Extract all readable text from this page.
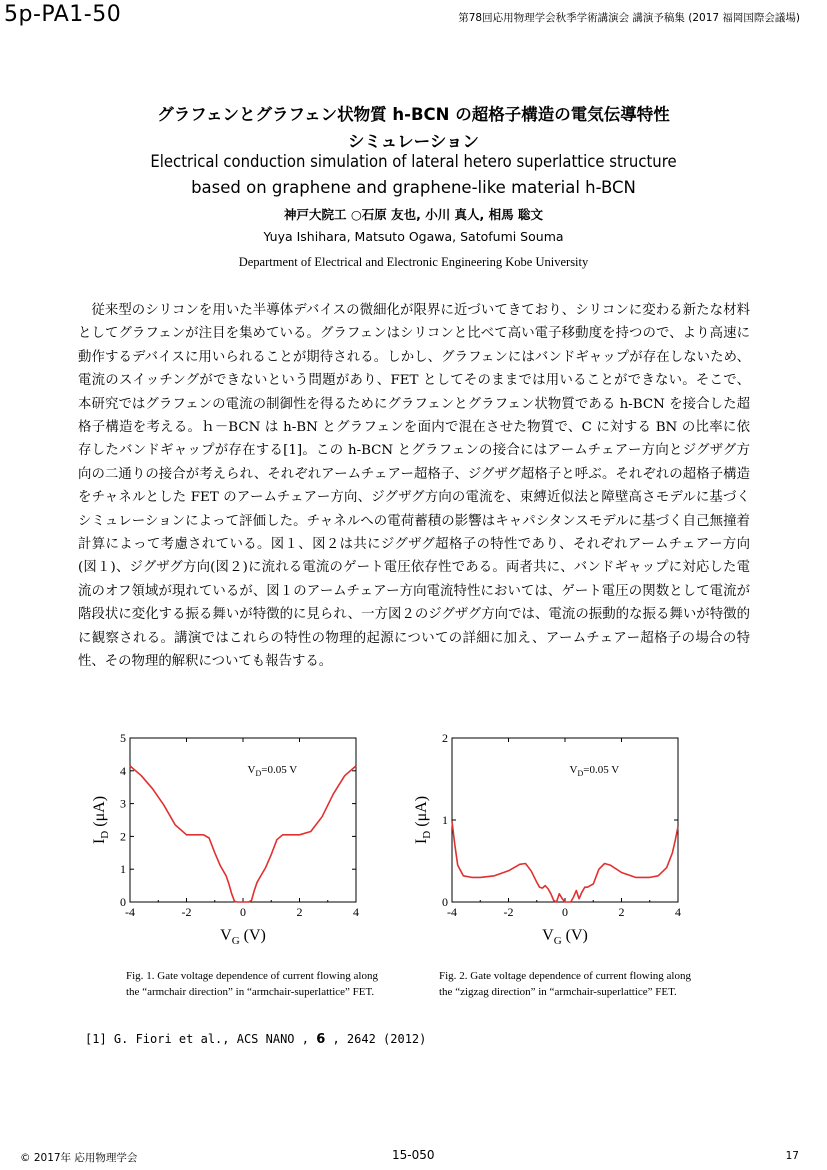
5p-PA1-50	第78回応用物理学会秋季学術講演会 講演予稿集 (2017 福岡国際会議場)
グラフェンとグラフェン状物質 h-BCN の超格子構造の電気伝導特性
シミュレーション
Electrical conduction simulation of lateral hetero superlattice structure
based on graphene and graphene-like material h-BCN
神戸大院工 ○石原 友也, 小川 真人, 相馬 聡文
Yuya Ishihara, Matsuto Ogawa, Satofumi Souma
Department of Electrical and Electronic Engineering Kobe University

従来型のシリコンを用いた半導体デバイスの微細化が限界に近づいてきており、シリコンに変わる新たな材料としてグラフェンが注目を集めている。グラフェンはシリコンと比べて高い電子移動度を持つので、より高速に動作するデバイスに用いられることが期待される。しかし、グラフェンにはバンドギャップが存在しないため、電流のスイッチングができないという問題があり、FET としてそのままでは用いることができない。そこで、本研究ではグラフェンの電流の制御性を得るためにグラフェンとグラフェン状物質である h-BCN を接合した超格子構造を考える。ｈ－BCN は h-BN とグラフェンを面内で混在させた物質で、C に対する BN の比率に依存したバンドギャップが存在する[1]。この h-BCN とグラフェンの接合にはアームチェアー方向とジグザグ方向の二通りの接合が考えられ、それぞれアームチェアー超格子、ジグザグ超格子と呼ぶ。それぞれの超格子構造をチャネルとした FET のアームチェアー方向、ジグザグ方向の電流を、束縛近似法と障壁高さモデルに基づくシミュレーションによって評価した。チャネルへの電荷蓄積の影響はキャパシタンスモデルに基づく自己無撞着計算によって考慮されている。図１、図２は共にジグザグ超格子の特性であり、それぞれアームチェアー方向(図１)、ジグザグ方向(図２)に流れる電流のゲート電圧依存性である。両者共に、バンドギャップに対応した電流のオフ領域が現れているが、図１のアームチェアー方向電流特性においては、ゲート電圧の関数として電流が階段状に変化する振る舞いが特徴的に見られ、一方図２のジグザグ方向では、電流の振動的な振る舞いが特徴的に観察される。講演ではこれらの特性の物理的起源についての詳細に加え、アームチェアー超格子の場合の特性、その物理的解釈についても報告する。

-4	-2	0	2	4
0
1
2
3
4
5
$V_D=0.05$ V
$V_G$ (V)
$I_D$ (μA)
-4	-2	0	2	4
0
1
2
$V_D=0.05$ V
$V_G$ (V)
$I_D$ (μA)
Fig. 1. Gate voltage dependence of current flowing along the “armchair direction” in “armchair-superlattice” FET.
Fig. 2. Gate voltage dependence of current flowing along the “zigzag direction” in “armchair-superlattice” FET.
[1] G. Fiori et al., ACS NANO , 6 , 2642 (2012)
© 2017年 応用物理学会	15-050	17
